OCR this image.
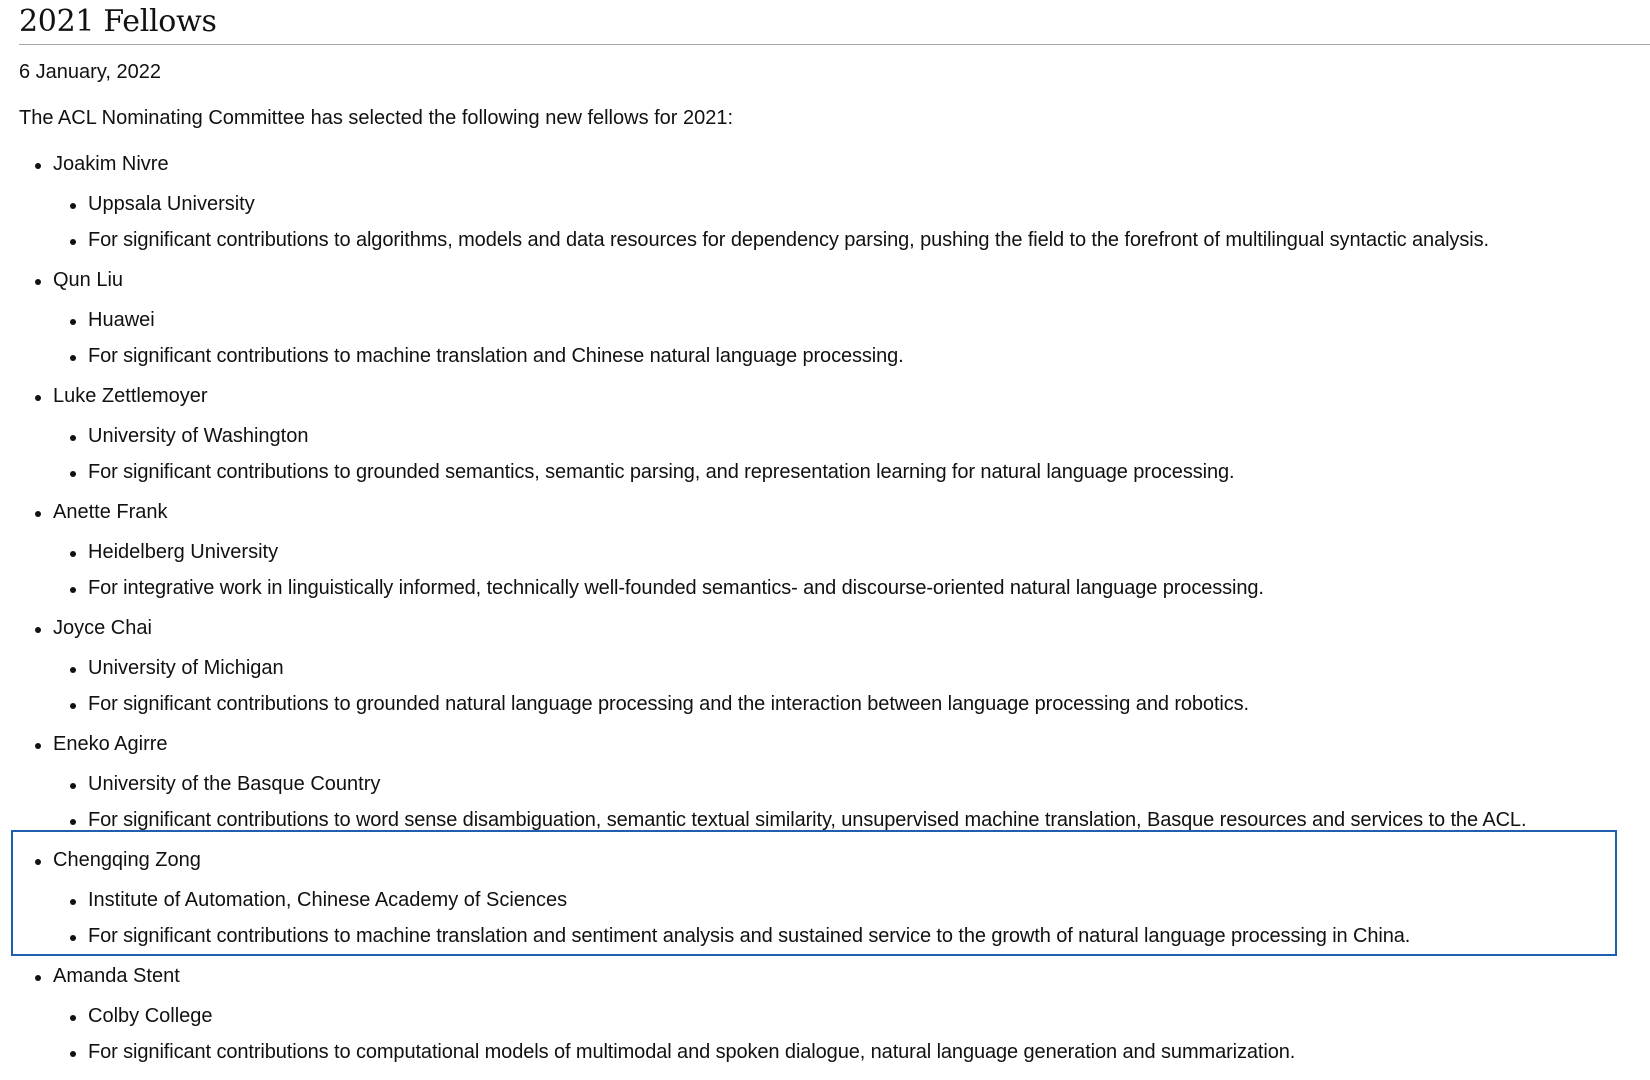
2021 Fellows
6 January, 2022
The ACL Nominating Committee has selected the following new fellows for 2021:
Joakim Nivre
Uppsala University
For significant contributions to algorithms, models and data resources for dependency parsing, pushing the field to the forefront of multilingual syntactic analysis.
Qun Liu
Huawei
For significant contributions to machine translation and Chinese natural language processing.
Luke Zettlemoyer
University of Washington
For significant contributions to grounded semantics, semantic parsing, and representation learning for natural language processing.
Anette Frank
Heidelberg University
For integrative work in linguistically informed, technically well-founded semantics- and discourse-oriented natural language processing.
Joyce Chai
University of Michigan
For significant contributions to grounded natural language processing and the interaction between language processing and robotics.
Eneko Agirre
University of the Basque Country
For significant contributions to word sense disambiguation, semantic textual similarity, unsupervised machine translation, Basque resources and services to the ACL.
Chengqing Zong
Institute of Automation, Chinese Academy of Sciences
For significant contributions to machine translation and sentiment analysis and sustained service to the growth of natural language processing in China.
Amanda Stent
Colby College
For significant contributions to computational models of multimodal and spoken dialogue, natural language generation and summarization.
